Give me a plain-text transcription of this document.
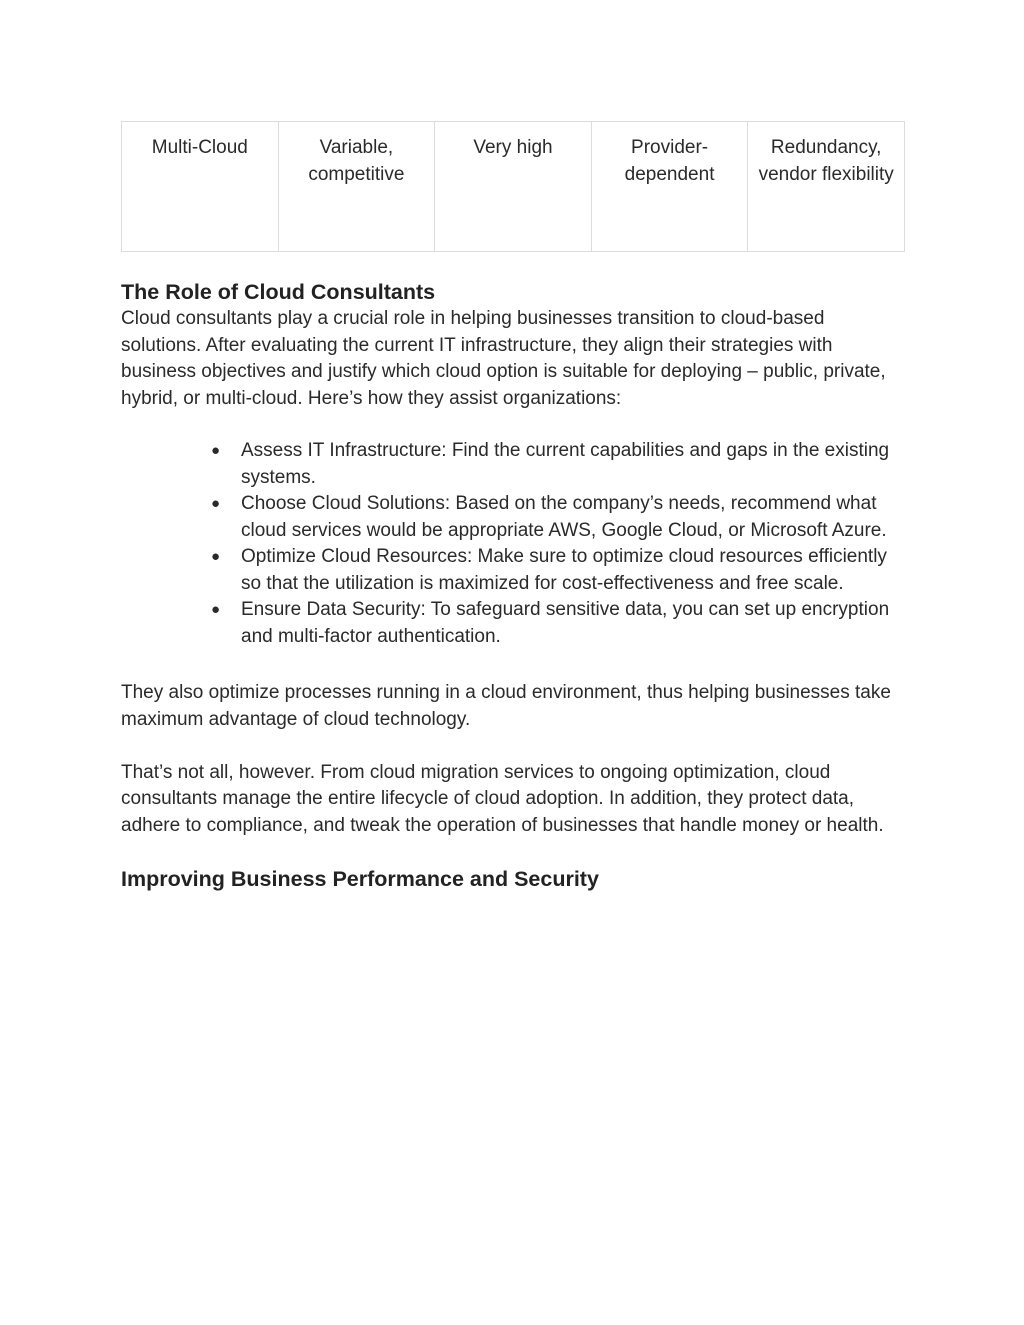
Multi-Cloud	Variable, competitive	Very high	Provider-dependent	Redundancy, vendor flexibility
The Role of Cloud Consultants

Cloud consultants play a crucial role in helping businesses transition to cloud-based solutions. After evaluating the current IT infrastructure, they align their strategies with business objectives and justify which cloud option is suitable for deploying – public, private, hybrid, or multi-cloud. Here’s how they assist organizations:

● Assess IT Infrastructure: Find the current capabilities and gaps in the existing systems.
● Choose Cloud Solutions: Based on the company’s needs, recommend what cloud services would be appropriate AWS, Google Cloud, or Microsoft Azure.
● Optimize Cloud Resources: Make sure to optimize cloud resources efficiently so that the utilization is maximized for cost-effectiveness and free scale.
● Ensure Data Security: To safeguard sensitive data, you can set up encryption and multi-factor authentication.

They also optimize processes running in a cloud environment, thus helping businesses take maximum advantage of cloud technology.

That’s not all, however. From cloud migration services to ongoing optimization, cloud consultants manage the entire lifecycle of cloud adoption. In addition, they protect data, adhere to compliance, and tweak the operation of businesses that handle money or health.

Improving Business Performance and Security
